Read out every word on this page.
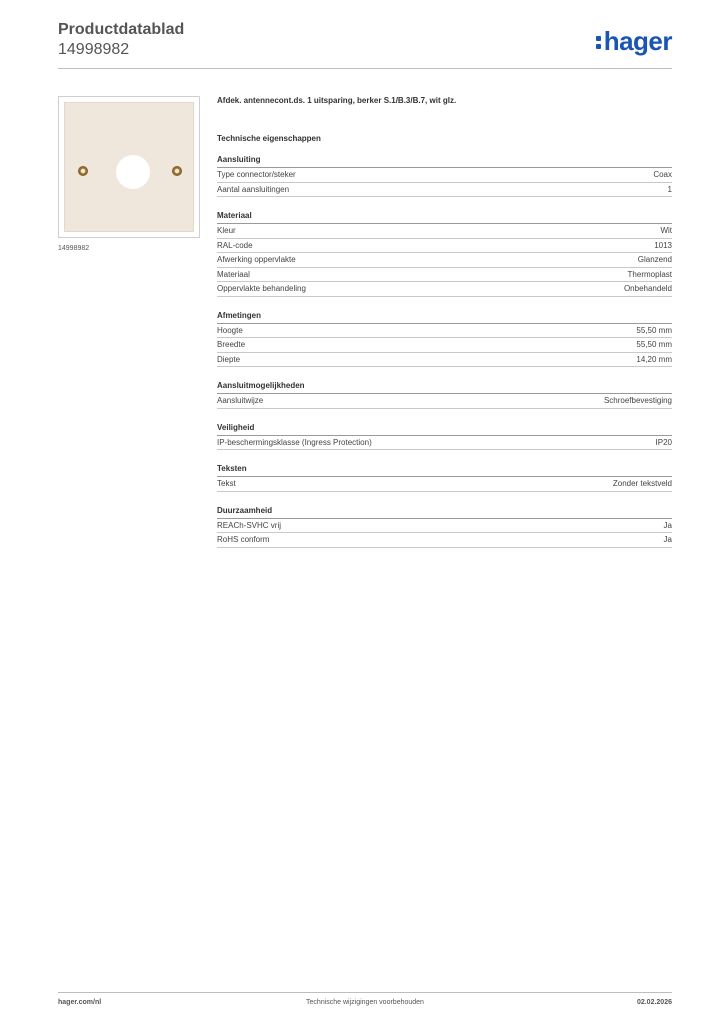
Productdatablad
14998982	hager
14998982
Afdek. antennecont.ds. 1 uitsparing, berker S.1/B.3/B.7, wit glz.
Technische eigenschappen
Aansluiting
Type connector/steker	Coax
Aantal aansluitingen	1
Materiaal
Kleur	Wit
RAL-code	1013
Afwerking oppervlakte	Glanzend
Materiaal	Thermoplast
Oppervlakte behandeling	Onbehandeld
Afmetingen
Hoogte	55,50 mm
Breedte	55,50 mm
Diepte	14,20 mm
Aansluitmogelijkheden
Aansluitwijze	Schroefbevestiging
Veiligheid
IP-beschermingsklasse (Ingress Protection)	IP20
Teksten
Tekst	Zonder tekstveld
Duurzaamheid
REACh-SVHC vrij	Ja
RoHS conform	Ja
hager.com/nl	Technische wijzigingen voorbehouden	02.02.2026
